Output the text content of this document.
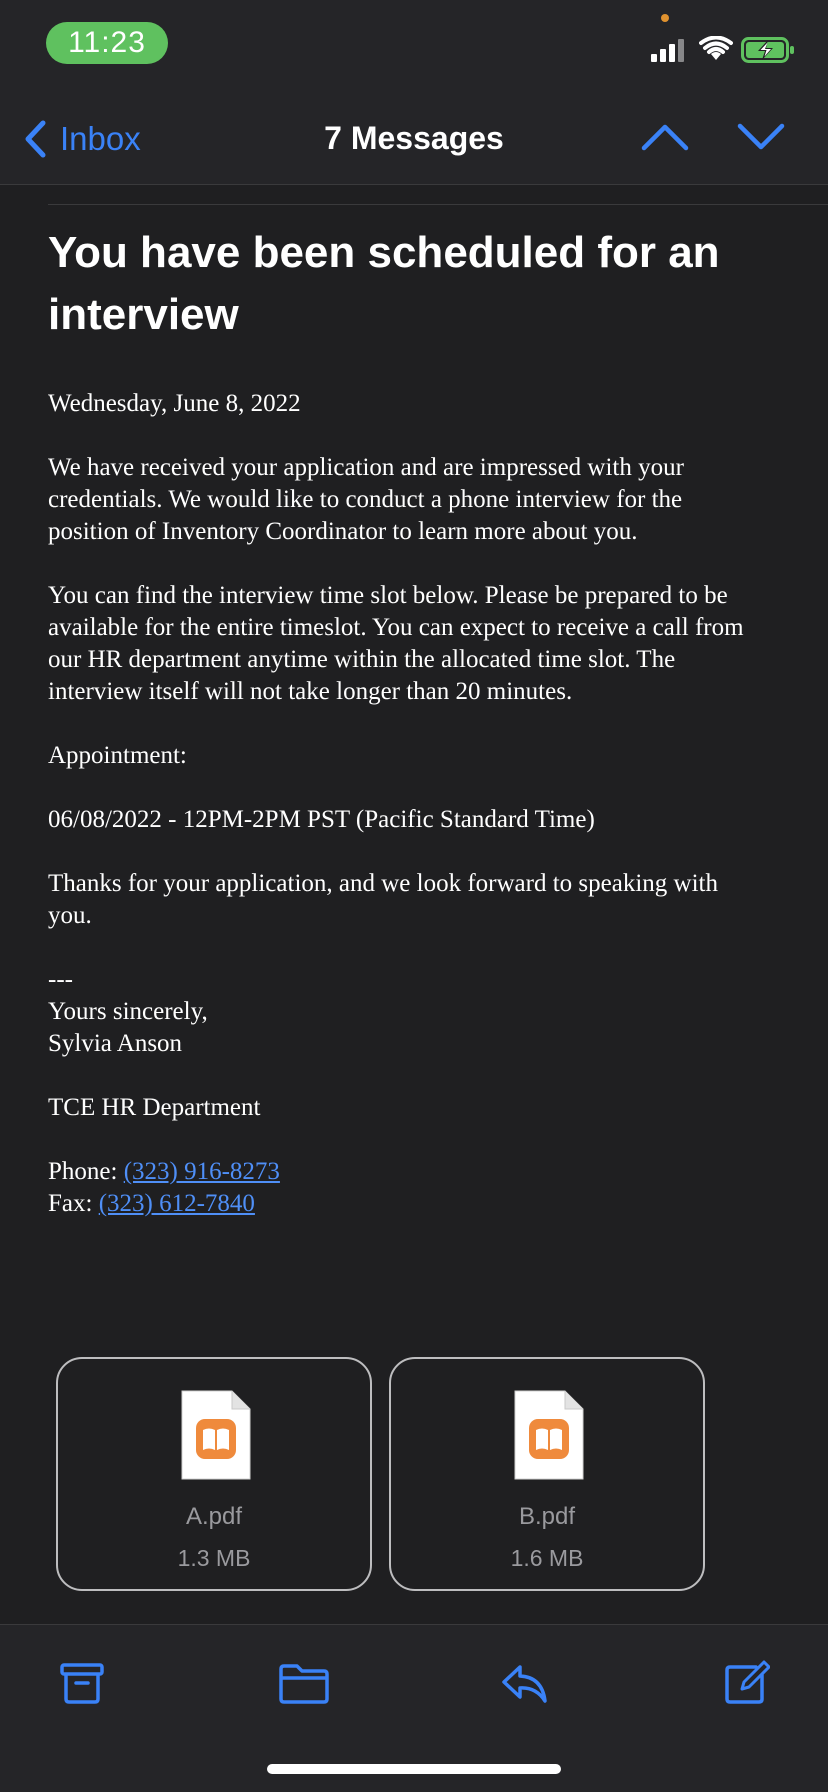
11:23
Inbox	7 Messages
You have been scheduled for an interview

Wednesday, June 8, 2022

We have received your application and are impressed with your
credentials. We would like to conduct a phone interview for the
position of Inventory Coordinator to learn more about you.

You can find the interview time slot below. Please be prepared to be
available for the entire timeslot. You can expect to receive a call from
our HR department anytime within the allocated time slot. The
interview itself will not take longer than 20 minutes.

Appointment:

06/08/2022 - 12PM-2PM PST (Pacific Standard Time)

Thanks for your application, and we look forward to speaking with
you.

---
Yours sincerely,
Sylvia Anson

TCE HR Department

Phone: (323) 916-8273
Fax: (323) 612-7840

A.pdf
1.3 MB
B.pdf
1.6 MB
